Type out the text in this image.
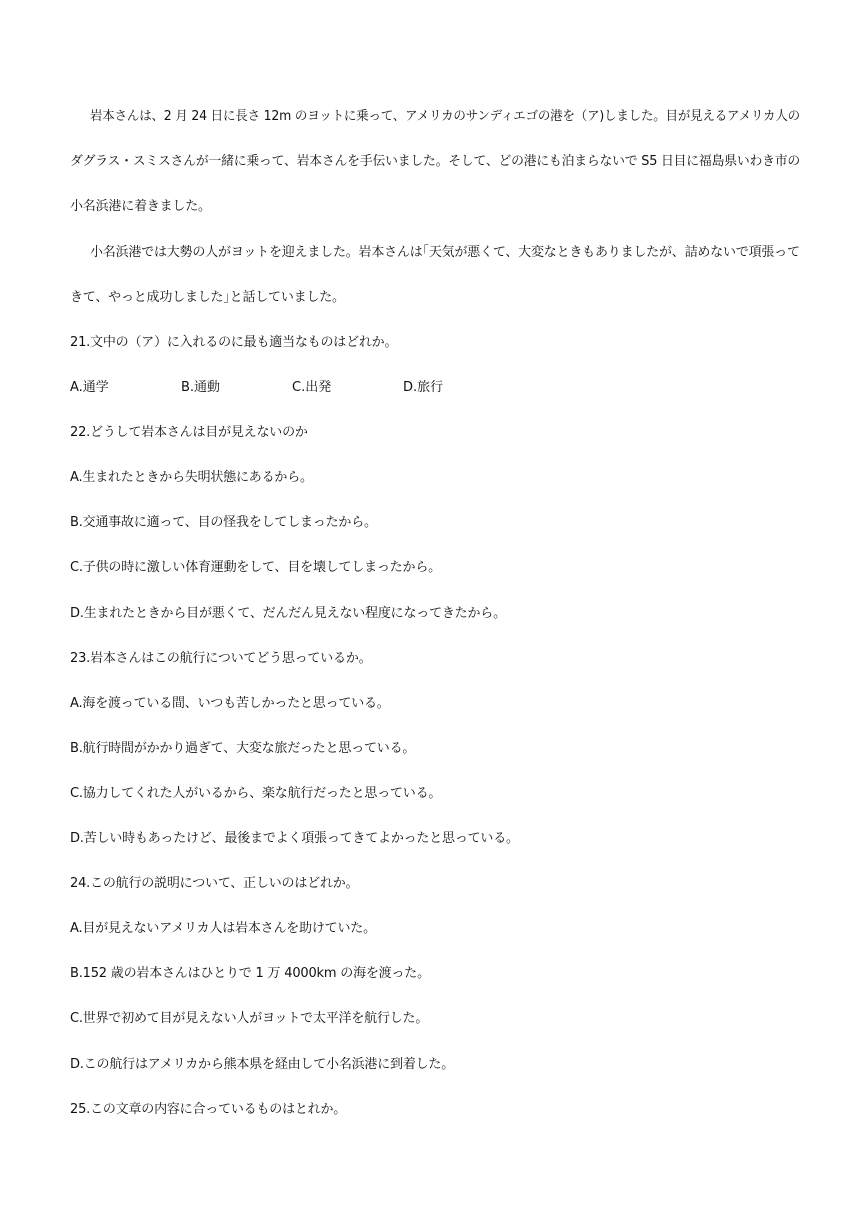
岩本さんは、2 月 24 日に長さ 12m のヨットに乗って、アメリカのサンディエゴの港を（ア)しました。目が見えるアメリカ人の
ダグラス・スミスさんが一緒に乗って、岩本さんを手伝いました。そして、どの港にも泊まらないで S5 日目に福島県いわき市の
小名浜港に着きました。
小名浜港では大勢の人がヨットを迎えました。岩本さんは｢天気が悪くて、大変なときもありましたが、詰めないで項張って
きて、やっと成功しました｣と話していました。
21.文中の（ア）に入れるのに最も適当なものはどれか。
A.通学	B.通動	C.出発	D.旅行
22.どうして岩本さんは目が見えないのか
A.生まれたときから失明状態にあるから。
B.交通事故に適って、目の怪我をしてしまったから。
C.子供の時に激しい体育運動をして、目を壊してしまったから。
D.生まれたときから目が悪くて、だんだん見えない程度になってきたから。
23.岩本さんはこの航行についてどう思っているか。
A.海を渡っている間、いつも苦しかったと思っている。
B.航行時間がかかり過ぎて、大変な旅だったと思っている。
C.協力してくれた人がいるから、楽な航行だったと思っている。
D.苦しい時もあったけど、最後までよく項張ってきてよかったと思っている。
24.この航行の説明について、正しいのはどれか。
A.目が見えないアメリカ人は岩本さんを助けていた。
B.152 歳の岩本さんはひとりで 1 万 4000km の海を渡った。
C.世界で初めて目が見えない人がヨットで太平洋を航行した。
D.この航行はアメリカから熊本県を経由して小名浜港に到着した。
25.この文章の内容に合っているものはとれか。
